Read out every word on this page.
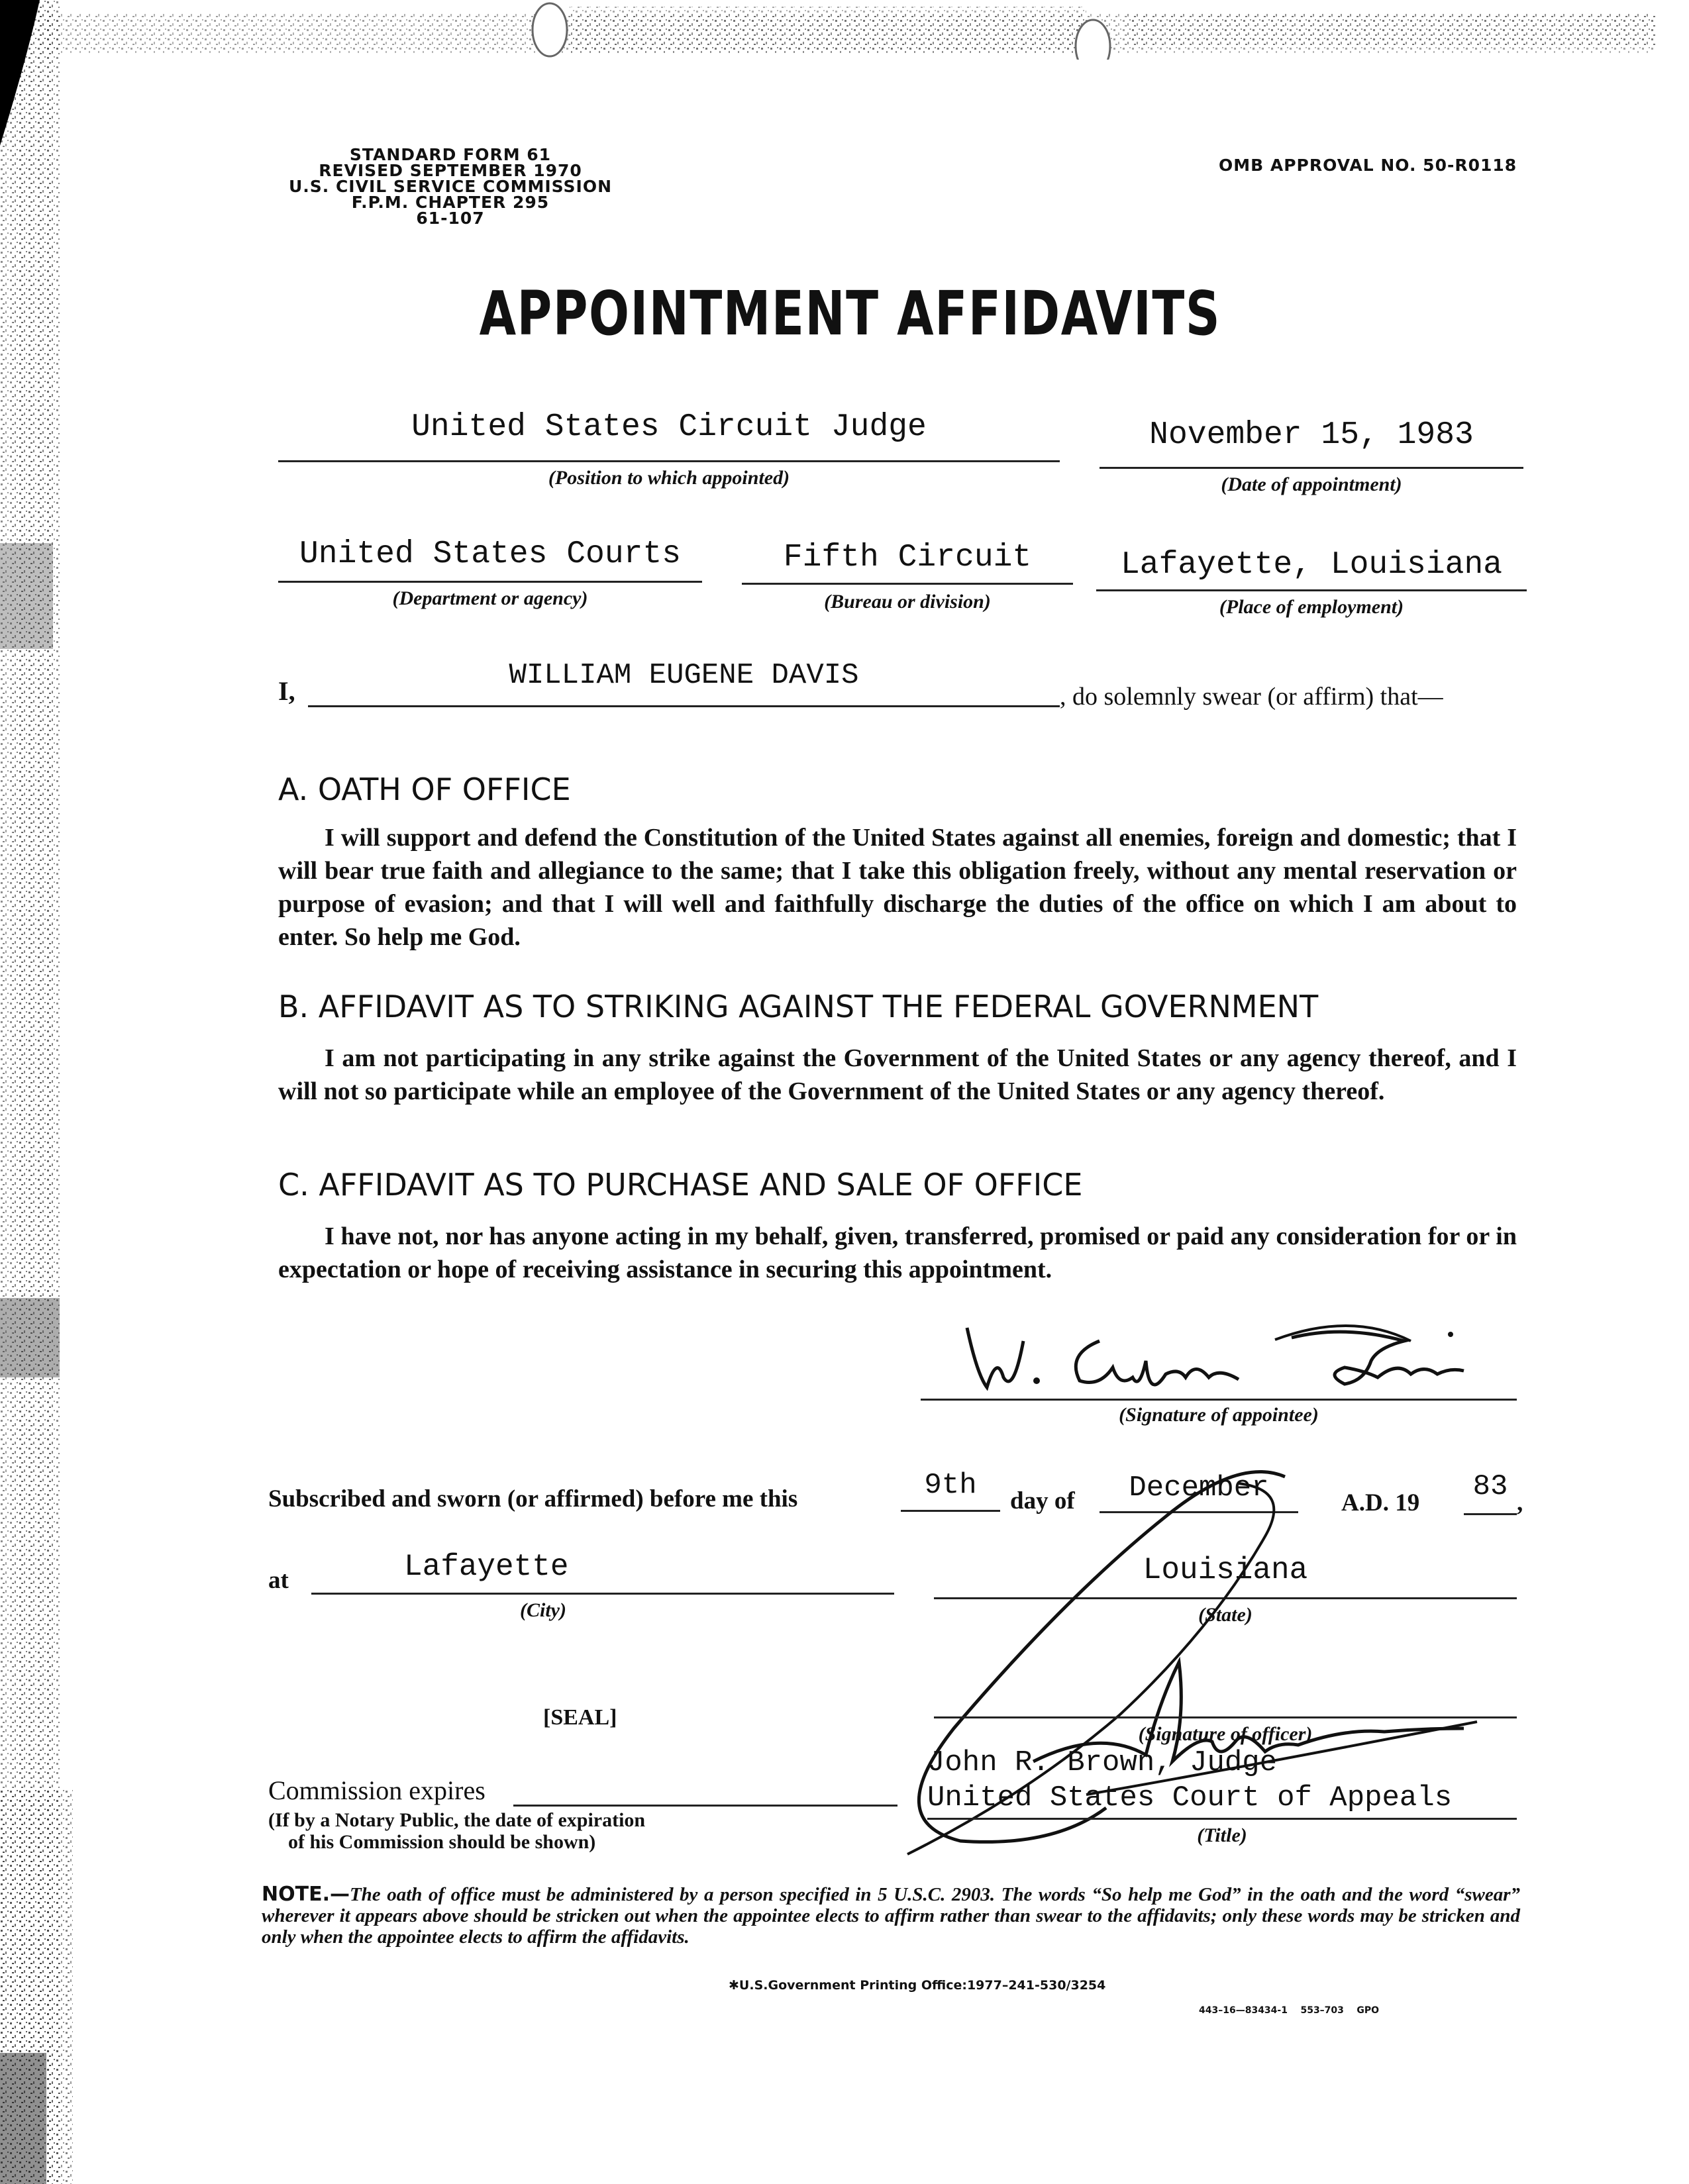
STANDARD FORM 61
REVISED SEPTEMBER 1970
U.S. CIVIL SERVICE COMMISSION
F.P.M. CHAPTER 295
61-107
OMB APPROVAL NO. 50-R0118
APPOINTMENT AFFIDAVITS
United States Circuit Judge
(Position to which appointed)
November 15, 1983
(Date of appointment)
United States Courts
(Department or agency)
Fifth Circuit
(Bureau or division)
Lafayette, Louisiana
(Place of employment)
I,	WILLIAM EUGENE DAVIS
, do solemnly swear (or affirm) that—
A. OATH OF OFFICE
I will support and defend the Constitution of the United States against all enemies, foreign and domestic; that I will bear true faith and allegiance to the same; that I take this obligation freely, without any mental reservation or purpose of evasion; and that I will well and faithfully discharge the duties of the office on which I am about to enter. So help me God.
B. AFFIDAVIT AS TO STRIKING AGAINST THE FEDERAL GOVERNMENT
I am not participating in any strike against the Government of the United States or any agency thereof, and I will not so participate while an employee of the Government of the United States or any agency thereof.
C. AFFIDAVIT AS TO PURCHASE AND SALE OF OFFICE
I have not, nor has anyone acting in my behalf, given, transferred, promised or paid any consideration for or in expectation or hope of receiving assistance in securing this appointment.
(Signature of appointee)
Subscribed and sworn (or affirmed) before me this	9th	day of	December	A.D. 19 83 ,
at	Lafayette
(City)
Louisiana
(State)
[SEAL]
(Signature of officer)
John R. Brown, Judge
United States Court of Appeals
(Title)
Commission expires
(If by a Notary Public, the date of expiration
of his Commission should be shown)
NOTE.—The oath of office must be administered by a person specified in 5 U.S.C. 2903. The words “So help me God” in the oath and the word “swear” wherever it appears above should be stricken out when the appointee elects to affirm rather than swear to the affidavits; only these words may be stricken and only when the appointee elects to affirm the affidavits.
✱U.S.Government Printing Office:1977–241-530/3254
443–16—83434-1    553–703    GPO
